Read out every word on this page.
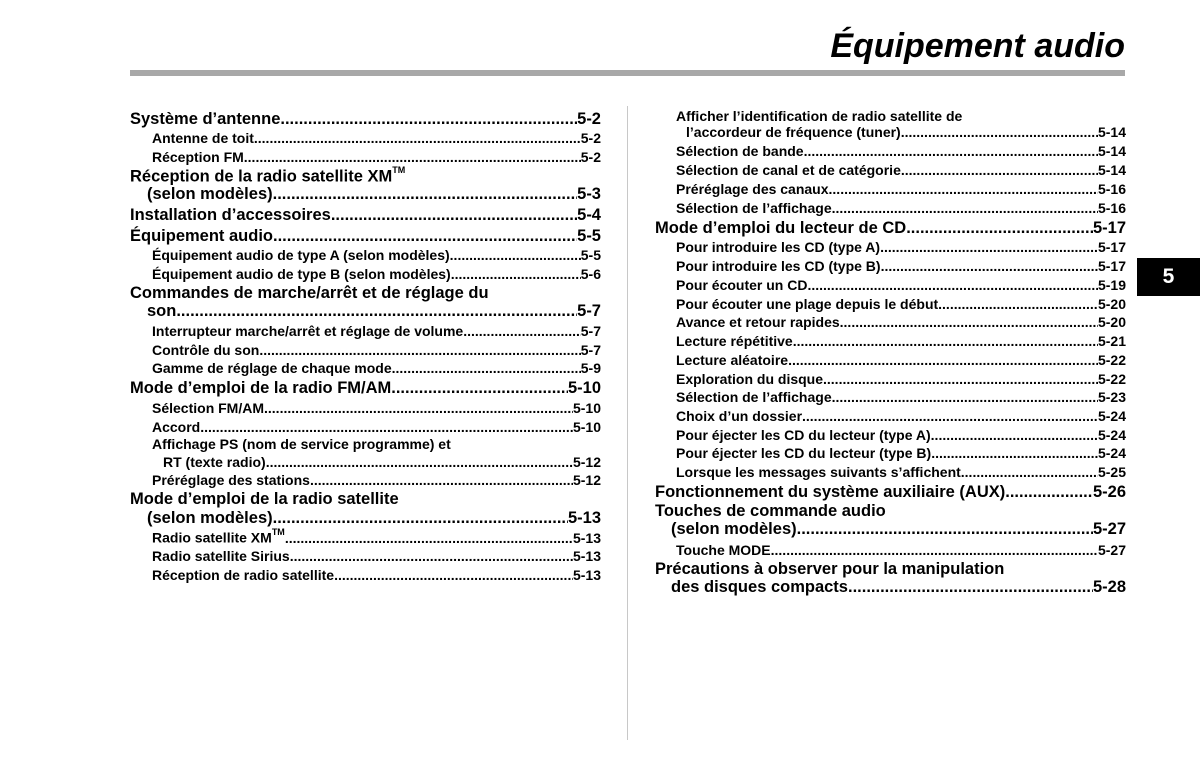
Équipement audio
5
Système d’antenne .....	5-2
Antenne de toit .....	5-2
Réception FM .....	5-2
Réception de la radio satellite XM™
(selon modèles) .....	5-3
Installation d’accessoires .....	5-4
Équipement audio .....	5-5
Équipement audio de type A (selon modèles) .....	5-5
Équipement audio de type B (selon modèles) .....	5-6
Commandes de marche/arrêt et de réglage du
son .....	5-7
Interrupteur marche/arrêt et réglage de volume .....	5-7
Contrôle du son .....	5-7
Gamme de réglage de chaque mode .....	5-9
Mode d’emploi de la radio FM/AM .....	5-10
Sélection FM/AM .....	5-10
Accord .....	5-10
Affichage PS (nom de service programme) et
RT (texte radio) .....	5-12
Préréglage des stations .....	5-12
Mode d’emploi de la radio satellite
(selon modèles) .....	5-13
Radio satellite XM™ .....	5-13
Radio satellite Sirius .....	5-13
Réception de radio satellite .....	5-13
Afficher l’identification de radio satellite de
l’accordeur de fréquence (tuner) .....	5-14
Sélection de bande .....	5-14
Sélection de canal et de catégorie .....	5-14
Préréglage des canaux .....	5-16
Sélection de l’affichage .....	5-16
Mode d’emploi du lecteur de CD .....	5-17
Pour introduire les CD (type A) .....	5-17
Pour introduire les CD (type B) .....	5-17
Pour écouter un CD .....	5-19
Pour écouter une plage depuis le début .....	5-20
Avance et retour rapides .....	5-20
Lecture répétitive .....	5-21
Lecture aléatoire .....	5-22
Exploration du disque .....	5-22
Sélection de l’affichage .....	5-23
Choix d’un dossier .....	5-24
Pour éjecter les CD du lecteur (type A) .....	5-24
Pour éjecter les CD du lecteur (type B) .....	5-24
Lorsque les messages suivants s’affichent .....	5-25
Fonctionnement du système auxiliaire (AUX) .....	5-26
Touches de commande audio
(selon modèles) .....	5-27
Touche MODE .....	5-27
Précautions à observer pour la manipulation
des disques compacts .....	5-28
